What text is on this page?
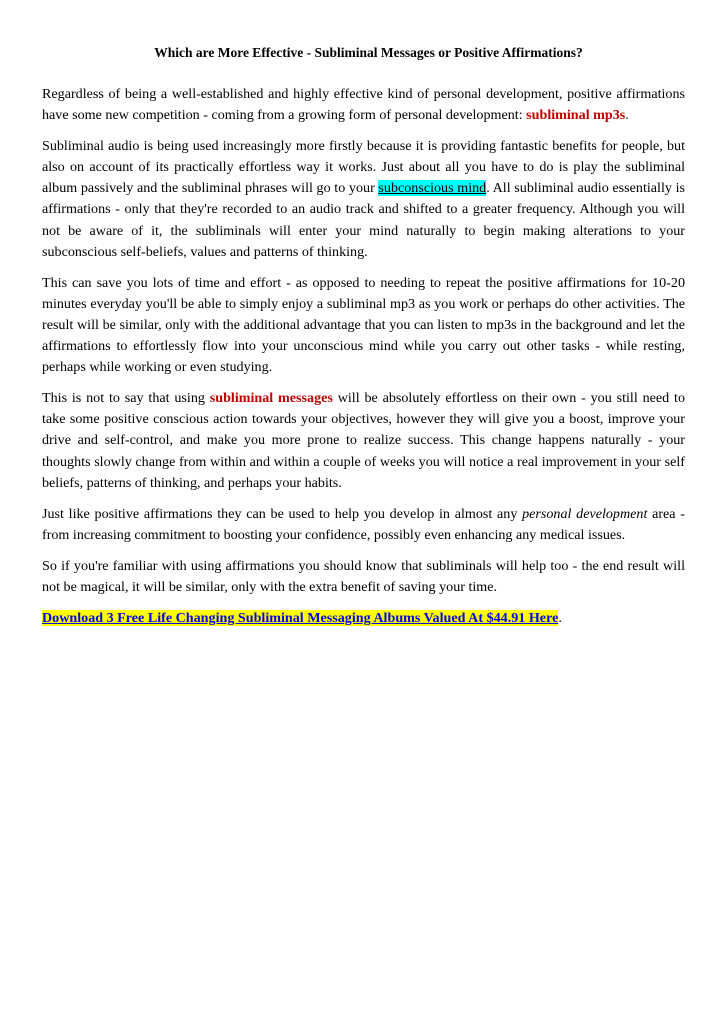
Which are More Effective - Subliminal Messages or Positive Affirmations?

Regardless of being a well-established and highly effective kind of personal development, positive affirmations have some new competition - coming from a growing form of personal development: subliminal mp3s.

Subliminal audio is being used increasingly more firstly because it is providing fantastic benefits for people, but also on account of its practically effortless way it works. Just about all you have to do is play the subliminal album passively and the subliminal phrases will go to your subconscious mind. All subliminal audio essentially is affirmations - only that they're recorded to an audio track and shifted to a greater frequency. Although you will not be aware of it, the subliminals will enter your mind naturally to begin making alterations to your subconscious self-beliefs, values and patterns of thinking.

This can save you lots of time and effort - as opposed to needing to repeat the positive affirmations for 10-20 minutes everyday you'll be able to simply enjoy a subliminal mp3 as you work or perhaps do other activities. The result will be similar, only with the additional advantage that you can listen to mp3s in the background and let the affirmations to effortlessly flow into your unconscious mind while you carry out other tasks - while resting, perhaps while working or even studying.

This is not to say that using subliminal messages will be absolutely effortless on their own - you still need to take some positive conscious action towards your objectives, however they will give you a boost, improve your drive and self-control, and make you more prone to realize success. This change happens naturally - your thoughts slowly change from within and within a couple of weeks you will notice a real improvement in your self beliefs, patterns of thinking, and perhaps your habits.

Just like positive affirmations they can be used to help you develop in almost any personal development area - from increasing commitment to boosting your confidence, possibly even enhancing any medical issues.

So if you're familiar with using affirmations you should know that subliminals will help too - the end result will not be magical, it will be similar, only with the extra benefit of saving your time.

Download 3 Free Life Changing Subliminal Messaging Albums Valued At $44.91 Here.
